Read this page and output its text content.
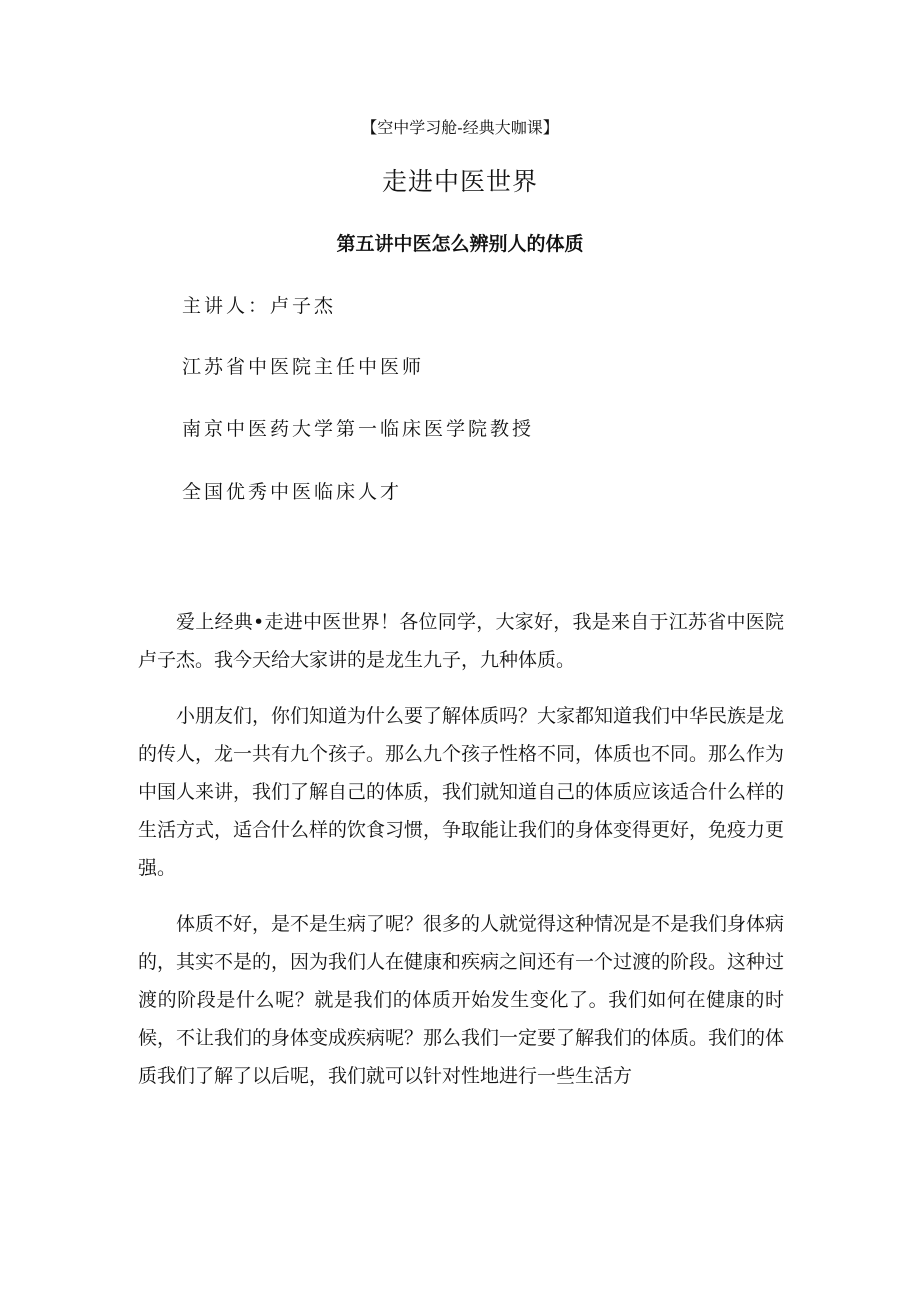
【空中学习舱-经典大咖课】
走进中医世界
第五讲中医怎么辨别人的体质
主讲人：卢子杰
江苏省中医院主任中医师
南京中医药大学第一临床医学院教授
全国优秀中医临床人才

爱上经典•走进中医世界！各位同学，大家好，我是来自于江苏省中医院卢子杰。我今天给大家讲的是龙生九子，九种体质。

小朋友们，你们知道为什么要了解体质吗？大家都知道我们中华民族是龙的传人，龙一共有九个孩子。那么九个孩子性格不同，体质也不同。那么作为中国人来讲，我们了解自己的体质，我们就知道自己的体质应该适合什么样的生活方式，适合什么样的饮食习惯，争取能让我们的身体变得更好，免疫力更强。

体质不好，是不是生病了呢？很多的人就觉得这种情况是不是我们身体病的，其实不是的，因为我们人在健康和疾病之间还有一个过渡的阶段。这种过渡的阶段是什么呢？就是我们的体质开始发生变化了。我们如何在健康的时候，不让我们的身体变成疾病呢？那么我们一定要了解我们的体质。我们的体质我们了解了以后呢，我们就可以针对性地进行一些生活方
